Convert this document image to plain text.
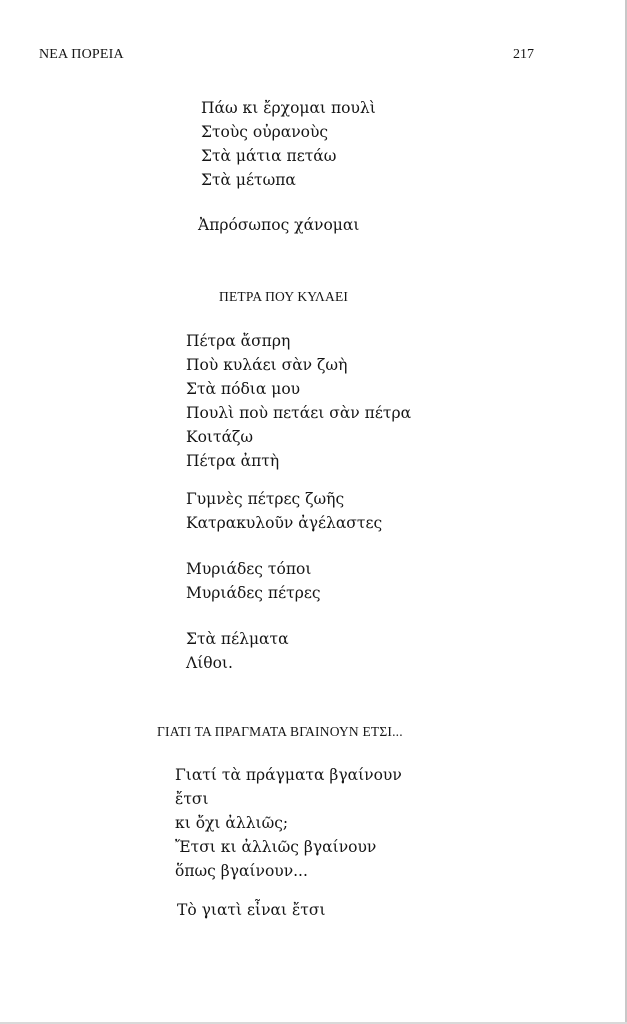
ΝΕΑ ΠΟΡΕΙΑ	217
Πάω κι ἔρχομαι πουλὶ
Στοὺς οὐρανοὺς
Στὰ μάτια πετάω
Στὰ μέτωπα
Ἀπρόσωπος χάνομαι
ΠΕΤΡΑ ΠΟΥ ΚΥΛΑΕΙ
Πέτρα ἄσπρη
Ποὺ κυλάει σὰν ζωὴ
Στὰ πόδια μου
Πουλὶ ποὺ πετάει σὰν πέτρα
Κοιτάζω
Πέτρα ἀπτὴ
Γυμνὲς πέτρες ζωῆς
Κατρακυλοῦν ἀγέλαστες
Μυριάδες τόποι
Μυριάδες πέτρες
Στὰ πέλματα
Λίθοι.
ΓΙΑΤΙ ΤΑ ΠΡΑΓΜΑΤΑ ΒΓΑΙΝΟΥΝ ΕΤΣΙ...
Γιατί τὰ πράγματα βγαίνουν
ἔτσι
κι ὄχι ἀλλιῶς;
Ἔτσι κι ἀλλιῶς βγαίνουν
ὅπως βγαίνουν...
Τὸ γιατὶ εἶναι ἔτσι
